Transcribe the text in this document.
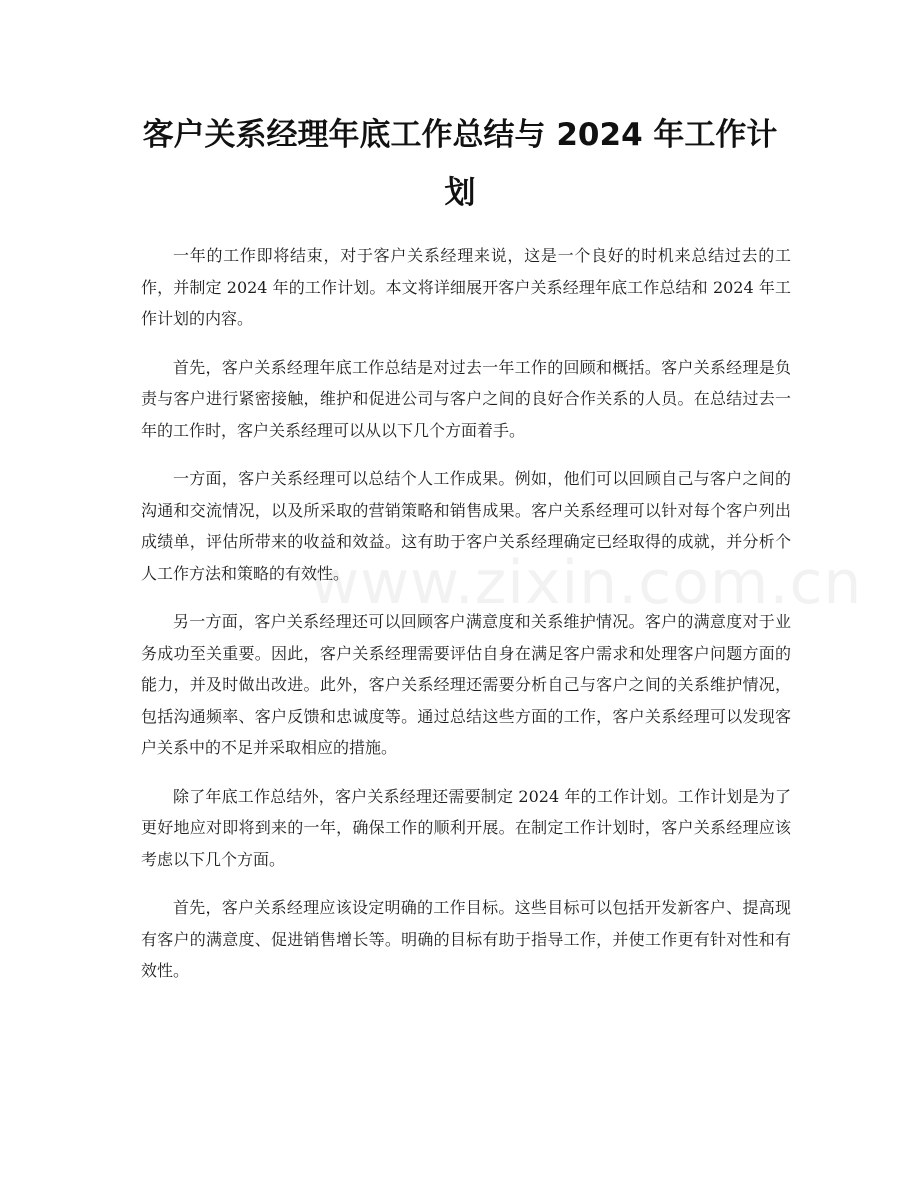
www.zixin.com.cn
客户关系经理年底工作总结与 2024 年工作计划

一年的工作即将结束，对于客户关系经理来说，这是一个良好的时机来总结过去的工作，并制定 2024 年的工作计划。本文将详细展开客户关系经理年底工作总结和 2024 年工作计划的内容。

首先，客户关系经理年底工作总结是对过去一年工作的回顾和概括。客户关系经理是负责与客户进行紧密接触，维护和促进公司与客户之间的良好合作关系的人员。在总结过去一年的工作时，客户关系经理可以从以下几个方面着手。

一方面，客户关系经理可以总结个人工作成果。例如，他们可以回顾自己与客户之间的沟通和交流情况，以及所采取的营销策略和销售成果。客户关系经理可以针对每个客户列出成绩单，评估所带来的收益和效益。这有助于客户关系经理确定已经取得的成就，并分析个人工作方法和策略的有效性。

另一方面，客户关系经理还可以回顾客户满意度和关系维护情况。客户的满意度对于业务成功至关重要。因此，客户关系经理需要评估自身在满足客户需求和处理客户问题方面的能力，并及时做出改进。此外，客户关系经理还需要分析自己与客户之间的关系维护情况，包括沟通频率、客户反馈和忠诚度等。通过总结这些方面的工作，客户关系经理可以发现客户关系中的不足并采取相应的措施。

除了年底工作总结外，客户关系经理还需要制定 2024 年的工作计划。工作计划是为了更好地应对即将到来的一年，确保工作的顺利开展。在制定工作计划时，客户关系经理应该考虑以下几个方面。

首先，客户关系经理应该设定明确的工作目标。这些目标可以包括开发新客户、提高现有客户的满意度、促进销售增长等。明确的目标有助于指导工作，并使工作更有针对性和有效性。
